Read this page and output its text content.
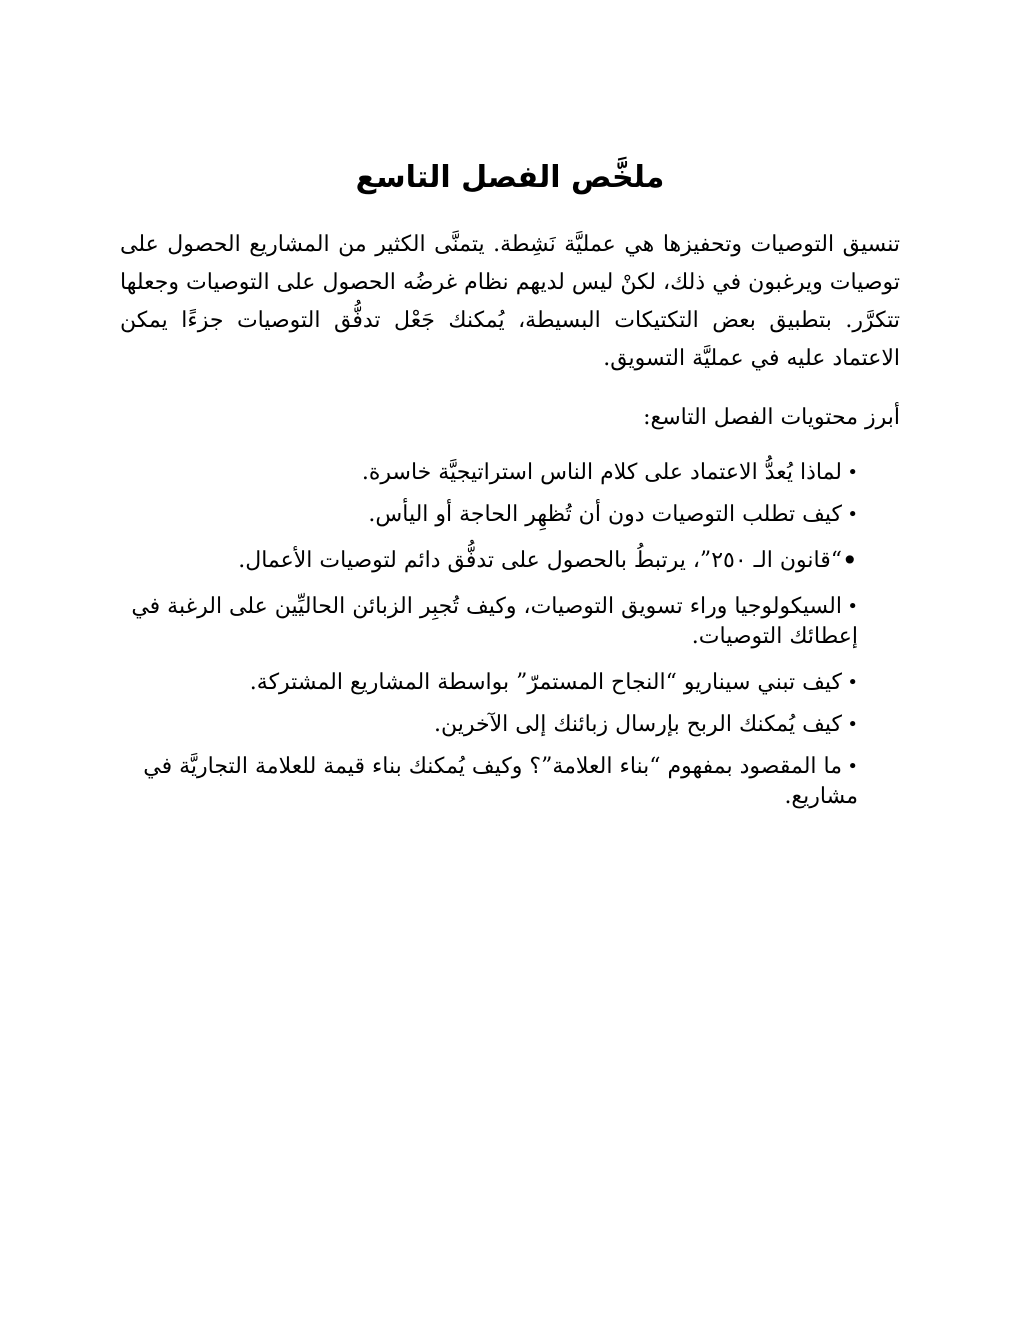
ملخَّص الفصل التاسع

تنسيق التوصيات وتحفيزها هي عمليَّة نَشِطة. يتمنَّى الكثير من المشاريع الحصول على توصيات ويرغبون في ذلك، لكنْ ليس لديهم نظام غرضُه الحصول على التوصيات وجعلها تتكرَّر. بتطبيق بعض التكتيكات البسيطة، يُمكنك جَعْل تدفُّق التوصيات جزءًا يمكن الاعتماد عليه في عمليَّة التسويق.

أبرز محتويات الفصل التاسع:

•لماذا يُعدُّ الاعتماد على كلام الناس استراتيجيَّة خاسرة.
•كيف تطلب التوصيات دون أن تُظهِر الحاجة أو اليأس.
•“قانون الـ ٢٥٠”، يرتبطُ بالحصول على تدفُّق دائم لتوصيات الأعمال.
•السيكولوجيا وراء تسويق التوصيات، وكيف تُجبِر الزبائن الحاليِّين على الرغبة في إعطائك التوصيات.
•كيف تبني سيناريو “النجاح المستمرّ” بواسطة المشاريع المشتركة.
•كيف يُمكنك الربح بإرسال زبائنك إلى الآخرين.
•ما المقصود بمفهوم “بناء العلامة”؟ وكيف يُمكنك بناء قيمة للعلامة التجاريَّة في مشاريع.
